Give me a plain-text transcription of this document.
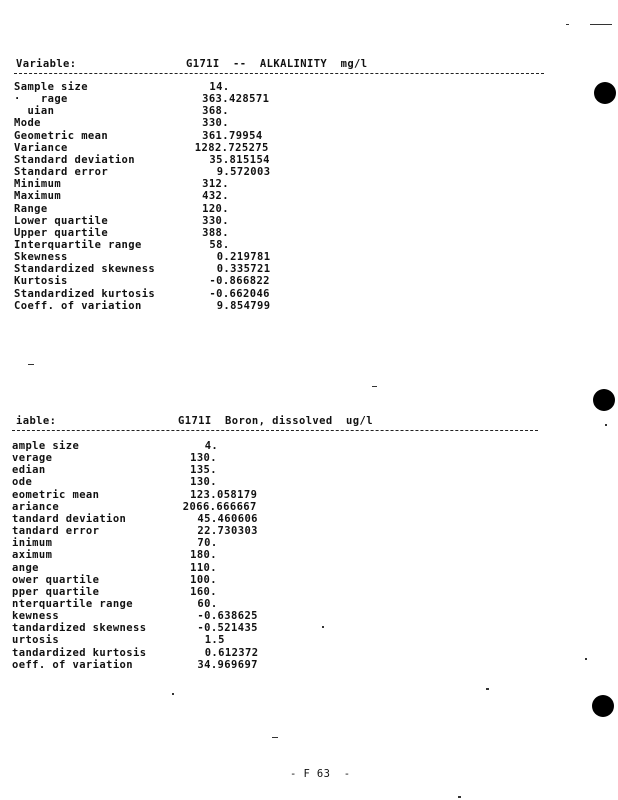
Variable:	G171I  --  ALKALINITY  mg/l
Sample size	14.
·   rage	363.428571
uian	368.
Mode	330.
Geometric mean	361.79954
Variance	1282.725275
Standard deviation	35.815154
Standard error	9.572003
Minimum	312.
Maximum	432.
Range	120.
Lower quartile	330.
Upper quartile	388.
Interquartile range	58.
Skewness	0.219781
Standardized skewness	0.335721
Kurtosis	-0.866822
Standardized kurtosis	-0.662046
Coeff. of variation	9.854799
iable:	G171I  Boron, dissolved  ug/l
ample size	4.
verage	130.
edian	135.
ode	130.
eometric mean	123.058179
ariance	2066.666667
tandard deviation	45.460606
tandard error	22.730303
inimum	70.
aximum	180.
ange	110.
ower quartile	100.
pper quartile	160.
nterquartile range	60.
kewness	-0.638625
tandardized skewness	-0.521435
urtosis	1.5
tandardized kurtosis	0.612372
oeff. of variation	34.969697
- F 63  -
